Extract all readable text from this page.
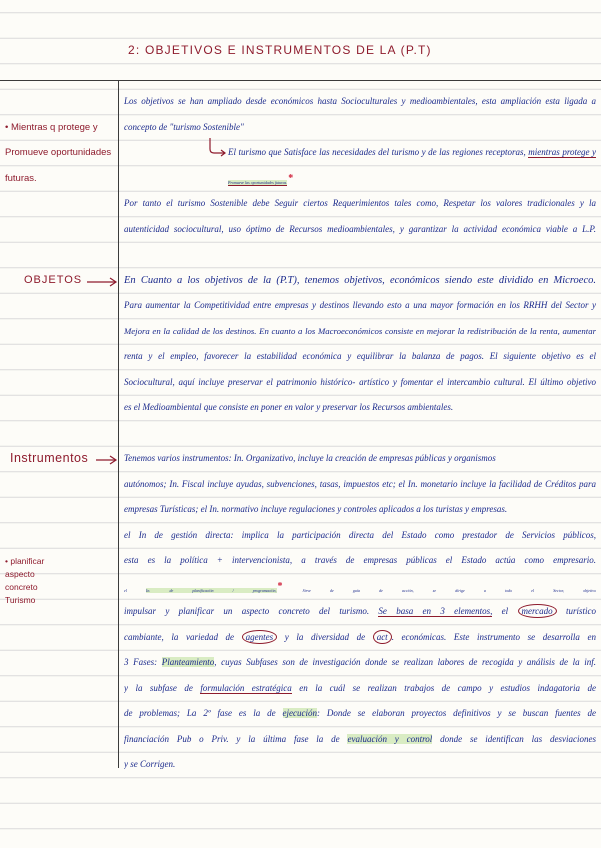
2: OBJETIVOS E INSTRUMENTOS DE LA (P.T)
• Mientras q protege y
Promueve oportunidades
futuras.
OBJETOS
Instrumentos
• planificar
aspecto
concreto
Turismo
Los objetivos se han ampliado desde económicos hasta Socioculturales y medioambientales, esta ampliación esta ligada a
concepto de "turismo Sostenible"
El turismo que Satisface las necesidades del turismo y de las regiones receptoras, mientras protege y
Promueve las oportunidades futuras.*
Por tanto el turismo Sostenible debe Seguir ciertos Requerimientos tales como, Respetar los valores tradicionales y la
autenticidad sociocultural, uso óptimo de Recursos medioambientales, y garantizar la actividad económica viable a L.P.
En Cuanto a los objetivos de la (P.T), tenemos objetivos, económicos siendo este dividido en Microeco.
Para aumentar la Competitividad entre empresas y destinos llevando esto a una mayor formación en los RRHH del Sector y
Mejora en la calidad de los destinos. En cuanto a los Macroeconómicos consiste en mejorar la redistribución de la renta, aumentar
renta y el empleo, favorecer la estabilidad económica y equilibrar la balanza de pagos. El siguiente objetivo es el
Sociocultural, aquí incluye preservar el patrimonio histórico- artístico y fomentar el intercambio cultural. El último objetivo
es el Medioambiental que consiste en poner en valor y preservar los Recursos ambientales.
Tenemos varios instrumentos: In. Organizativo, incluye la creación de empresas públicas y organismos
autónomos; In. Fiscal incluye ayudas, subvenciones, tasas, impuestos etc; el In. monetario incluye la facilidad de Créditos para
empresas Turísticas; el In. normativo incluye regulaciones y controles aplicados a los turistas y empresas.
el In de gestión directa: implica la participación directa del Estado como prestador de Servicios públicos,
esta es la política + intervencionista, a través de empresas públicas el Estado actúa como empresario.
el In. de planificación / programación,* Sirve de guía de acción, se dirige a todo el Sector, objetivo
impulsar y planificar un aspecto concreto del turismo. Se basa en 3 elementos, el mercado turístico
cambiante, la variedad de agentes y la diversidad de act . económicas. Este instrumento se desarrolla en
3 Fases: Planteamiento, cuyas Subfases son de investigación donde se realizan labores de recogida y análisis de la inf.
y la subfase de formulación estratégica en la cuál se realizan trabajos de campo y estudios indagatoria de
de problemas; La 2º fase es la de ejecución: Donde se elaboran proyectos definitivos y se buscan fuentes de
financiación Pub o Priv. y la última fase la de evaluación y control donde se identifican las desviaciones
y se Corrigen.
